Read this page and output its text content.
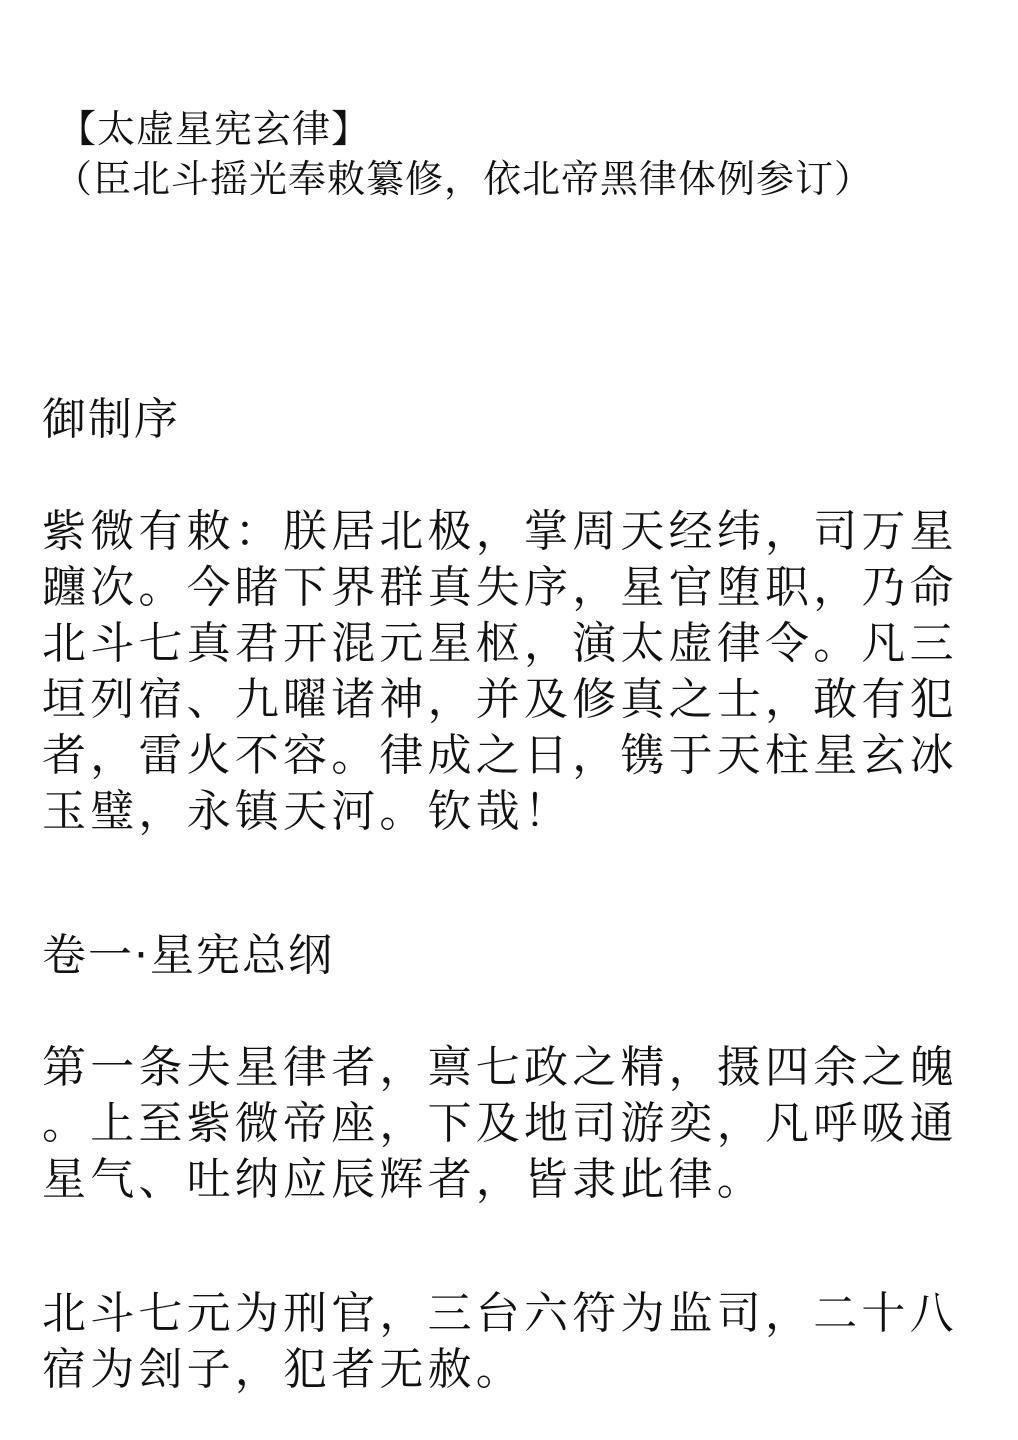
【太虚星宪玄律】
（臣北斗摇光奉敕纂修，依北帝黑律体例参订）
御制序
紫微有敕：朕居北极，掌周天经纬，司万星
躔次。今睹下界群真失序，星官堕职，乃命
北斗七真君开混元星枢，演太虚律令。凡三
垣列宿、九曜诸神，并及修真之士，敢有犯
者，雷火不容。律成之日，镌于天柱星玄冰
玉璧，永镇天河。钦哉！
卷一·星宪总纲
第一条夫星律者，禀七政之精，摄四余之魄
。上至紫微帝座，下及地司游奕，凡呼吸通
星气、吐纳应辰辉者，皆隶此律。
北斗七元为刑官，三台六符为监司，二十八
宿为刽子，犯者无赦。
